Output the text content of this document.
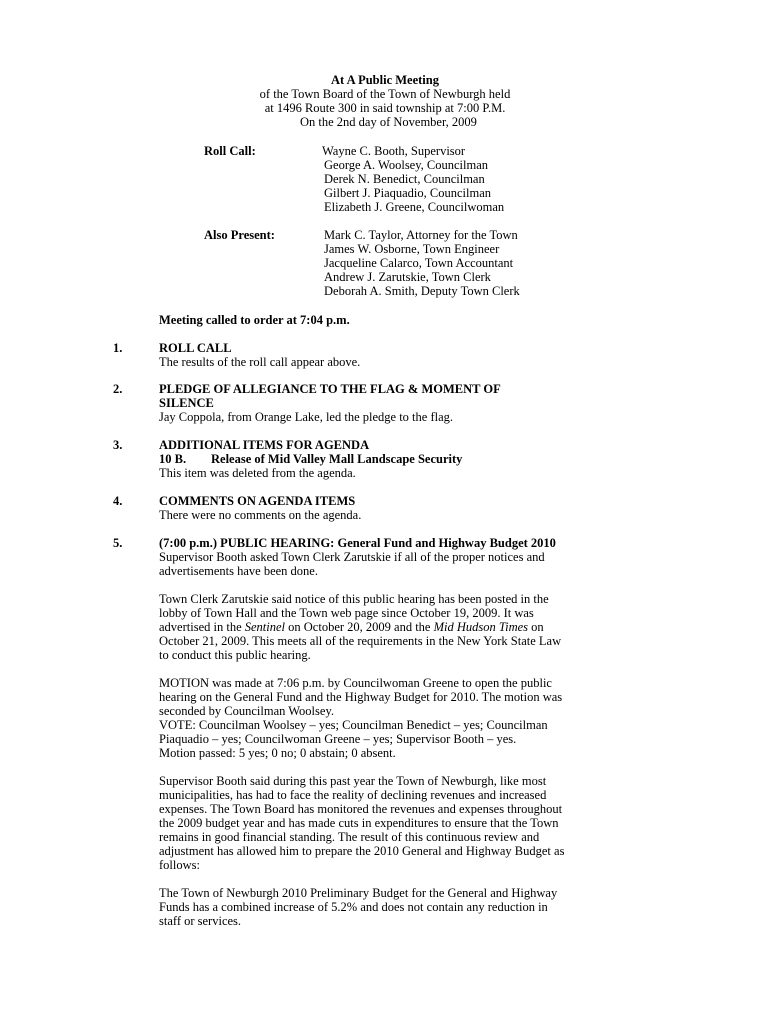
At A Public Meeting
of the Town Board of the Town of Newburgh held
at 1496 Route 300 in said township at 7:00 P.M.
On the 2nd day of November, 2009
Roll Call:	Wayne C. Booth, Supervisor
George A. Woolsey, Councilman
Derek N. Benedict, Councilman
Gilbert J. Piaquadio, Councilman
Elizabeth J. Greene, Councilwoman
Also Present:	Mark C. Taylor, Attorney for the Town
James W. Osborne, Town Engineer
Jacqueline Calarco, Town Accountant
Andrew J. Zarutskie, Town Clerk
Deborah A. Smith, Deputy Town Clerk
Meeting called to order at 7:04 p.m.
1.	ROLL CALL
The results of the roll call appear above.
2.	PLEDGE OF ALLEGIANCE TO THE FLAG & MOMENT OF
SILENCE
Jay Coppola, from Orange Lake, led the pledge to the flag.
3.	ADDITIONAL ITEMS FOR AGENDA
10 B. Release of Mid Valley Mall Landscape Security
This item was deleted from the agenda.
4.	COMMENTS ON AGENDA ITEMS
There were no comments on the agenda.
5.	(7:00 p.m.) PUBLIC HEARING: General Fund and Highway Budget 2010
Supervisor Booth asked Town Clerk Zarutskie if all of the proper notices and
advertisements have been done.
Town Clerk Zarutskie said notice of this public hearing has been posted in the
lobby of Town Hall and the Town web page since October 19, 2009. It was
advertised in the Sentinel on October 20, 2009 and the Mid Hudson Times on
October 21, 2009. This meets all of the requirements in the New York State Law
to conduct this public hearing.
MOTION was made at 7:06 p.m. by Councilwoman Greene to open the public
hearing on the General Fund and the Highway Budget for 2010. The motion was
seconded by Councilman Woolsey.
VOTE: Councilman Woolsey – yes; Councilman Benedict – yes; Councilman
Piaquadio – yes; Councilwoman Greene – yes; Supervisor Booth – yes.
Motion passed: 5 yes; 0 no; 0 abstain; 0 absent.
Supervisor Booth said during this past year the Town of Newburgh, like most
municipalities, has had to face the reality of declining revenues and increased
expenses. The Town Board has monitored the revenues and expenses throughout
the 2009 budget year and has made cuts in expenditures to ensure that the Town
remains in good financial standing. The result of this continuous review and
adjustment has allowed him to prepare the 2010 General and Highway Budget as
follows:
The Town of Newburgh 2010 Preliminary Budget for the General and Highway
Funds has a combined increase of 5.2% and does not contain any reduction in
staff or services.
